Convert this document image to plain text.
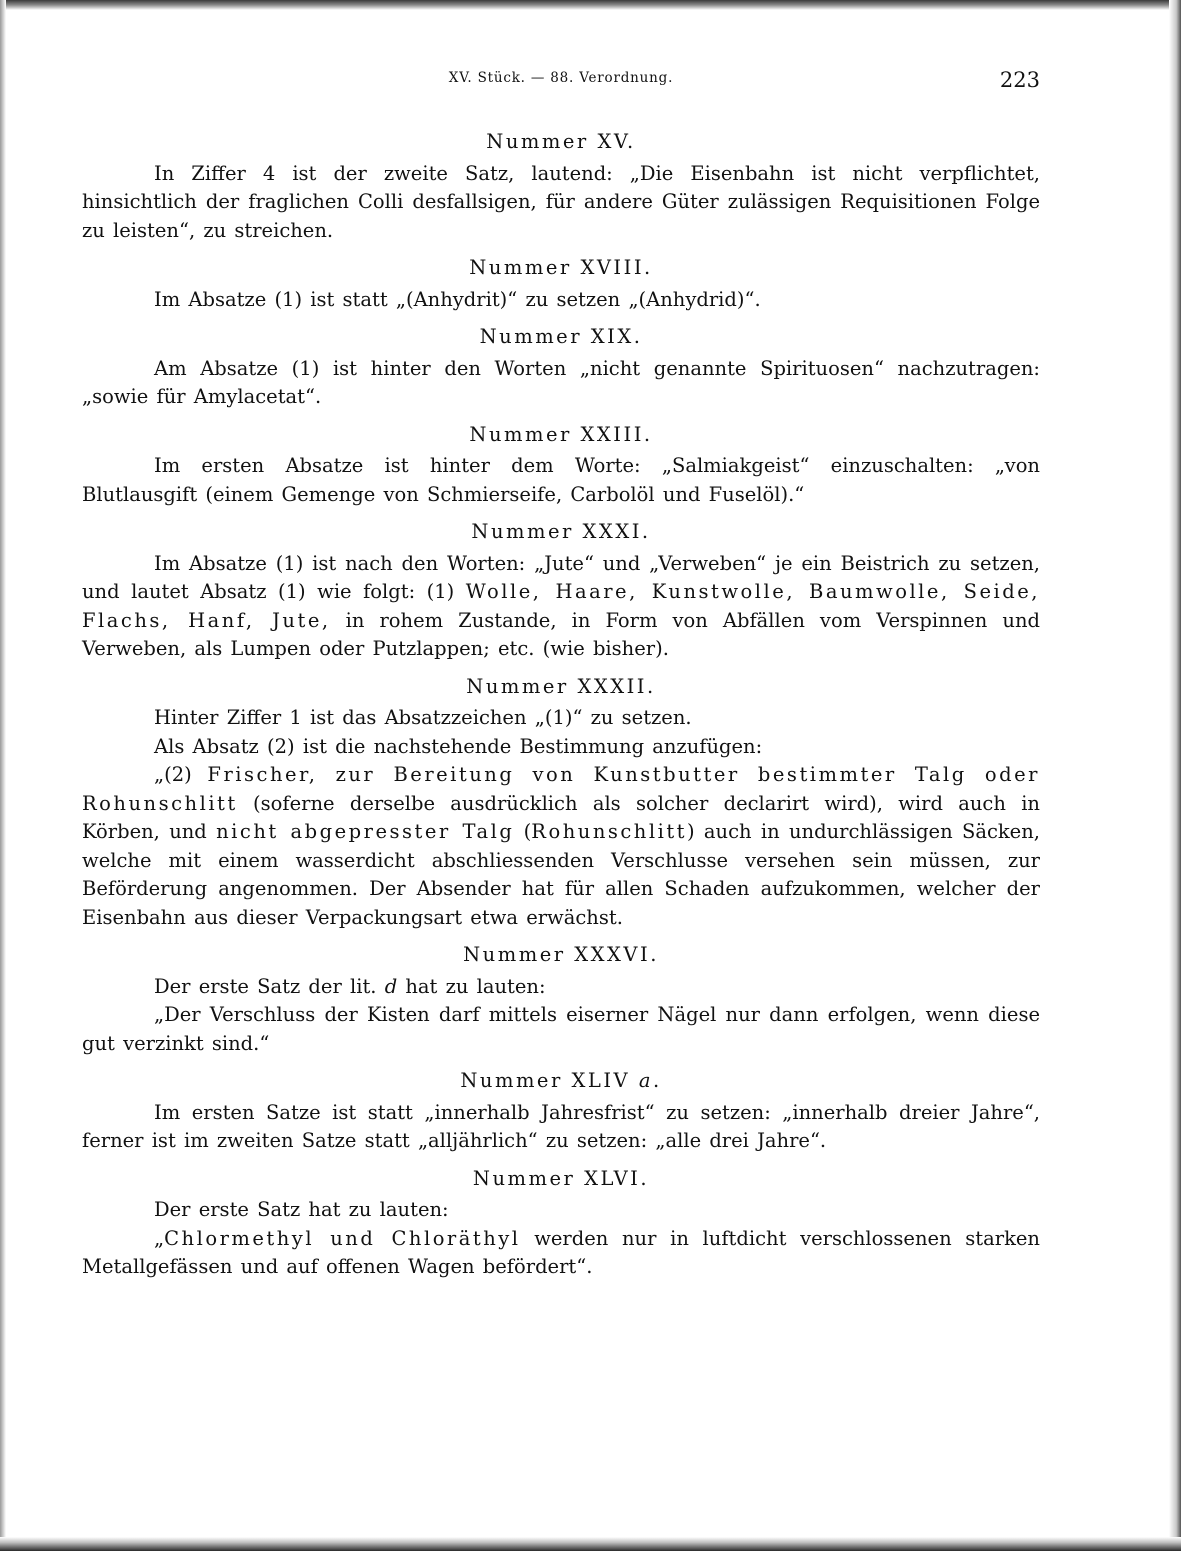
XV. Stück. — 88. Verordnung.	223
Nummer XV.

In Ziffer 4 ist der zweite Satz, lautend: „Die Eisenbahn ist nicht verpflichtet, hinsichtlich der fraglichen Colli desfallsigen, für andere Güter zulässigen Requisitionen Folge zu leisten“, zu streichen.

Nummer XVIII.

Im Absatze (1) ist statt „(Anhydrit)“ zu setzen „(Anhydrid)“.

Nummer XIX.

Am Absatze (1) ist hinter den Worten „nicht genannte Spirituosen“ nachzutragen: „sowie für Amylacetat“.

Nummer XXIII.

Im ersten Absatze ist hinter dem Worte: „Salmiakgeist“ einzuschalten: „von Blutlausgift (einem Gemenge von Schmierseife, Carbolöl und Fuselöl).“

Nummer XXXI.

Im Absatze (1) ist nach den Worten: „Jute“ und „Verweben“ je ein Beistrich zu setzen, und lautet Absatz (1) wie folgt: (1) Wolle, Haare, Kunstwolle, Baumwolle, Seide, Flachs, Hanf, Jute, in rohem Zustande, in Form von Abfällen vom Verspinnen und Verweben, als Lumpen oder Putzlappen; etc. (wie bisher).

Nummer XXXII.

Hinter Ziffer 1 ist das Absatzzeichen „(1)“ zu setzen.

Als Absatz (2) ist die nachstehende Bestimmung anzufügen:

„(2) Frischer, zur Bereitung von Kunstbutter bestimmter Talg oder Rohunschlitt (soferne derselbe ausdrücklich als solcher declarirt wird), wird auch in Körben, und nicht abgepresster Talg (Rohunschlitt) auch in undurchlässigen Säcken, welche mit einem wasserdicht abschliessenden Verschlusse versehen sein müssen, zur Beförderung angenommen. Der Absender hat für allen Schaden aufzukommen, welcher der Eisenbahn aus dieser Verpackungsart etwa erwächst.

Nummer XXXVI.

Der erste Satz der lit. d hat zu lauten:

„Der Verschluss der Kisten darf mittels eiserner Nägel nur dann erfolgen, wenn diese gut verzinkt sind.“

Nummer XLIV a.

Im ersten Satze ist statt „innerhalb Jahresfrist“ zu setzen: „innerhalb dreier Jahre“, ferner ist im zweiten Satze statt „alljährlich“ zu setzen: „alle drei Jahre“.

Nummer XLVI.

Der erste Satz hat zu lauten:

„Chlormethyl und Chloräthyl werden nur in luftdicht verschlossenen starken Metallgefässen und auf offenen Wagen befördert“.
